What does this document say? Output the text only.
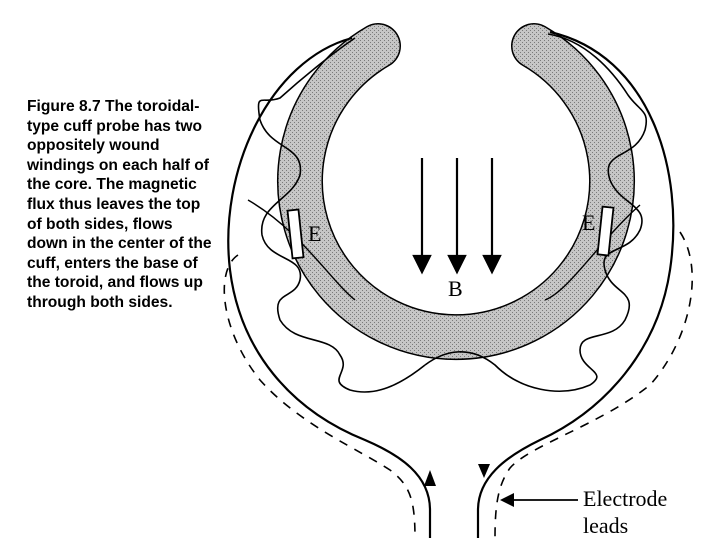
Figure 8.7 The toroidal-type cuff probe has two oppositely wound windings on each half of the core. The magnetic flux thus leaves the top of both sides, flows down in the center of the cuff, enters the base of the toroid, and flows up through both sides.
E	E
B
Electrode
leads
